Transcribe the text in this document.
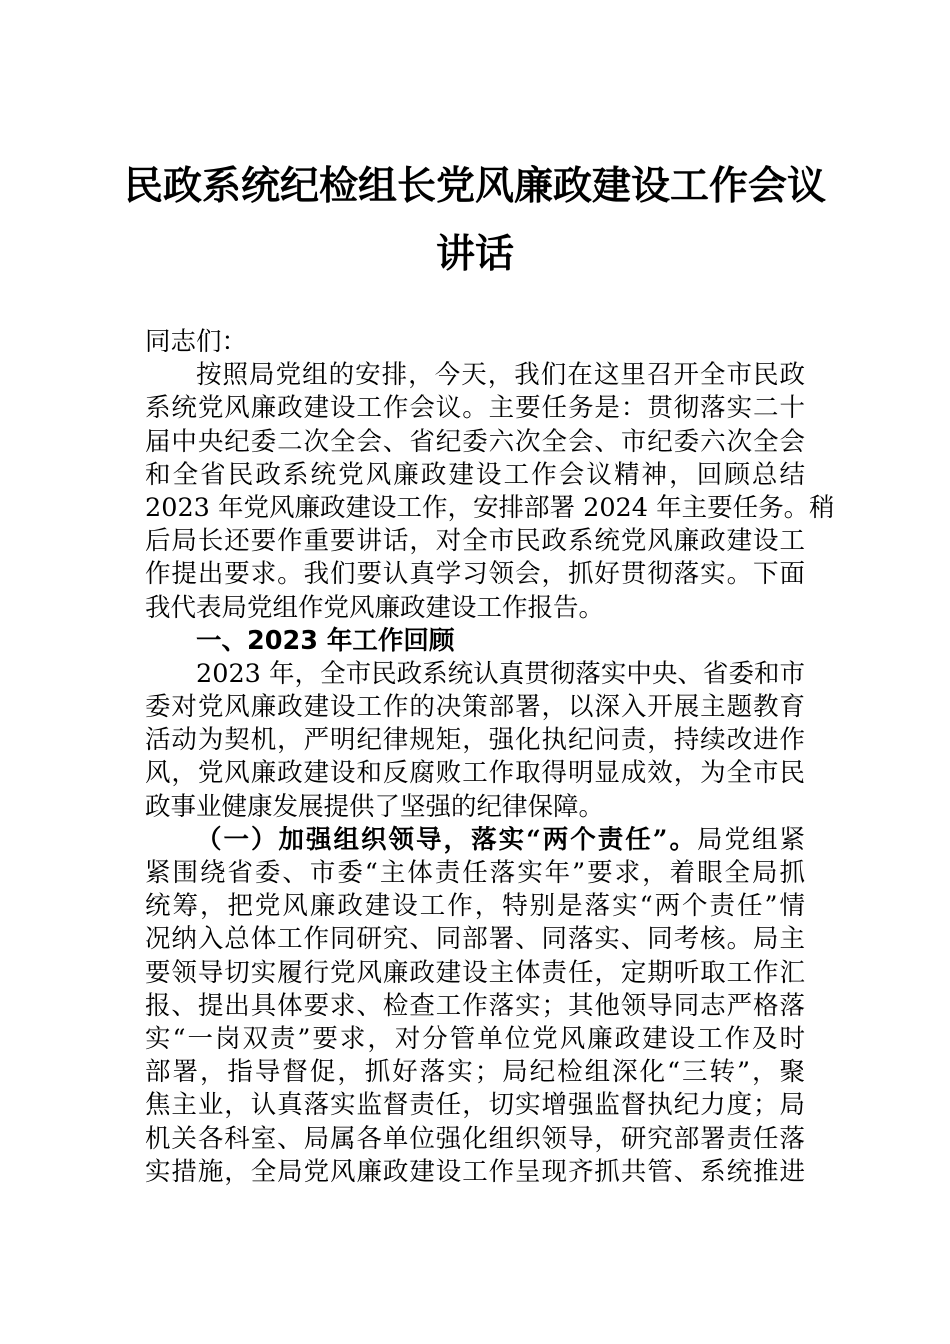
民政系统纪检组长党风廉政建设工作会议
讲话
同志们：
按照局党组的安排，今天，我们在这里召开全市民政
系统党风廉政建设工作会议。主要任务是：贯彻落实二十
届中央纪委二次全会、省纪委六次全会、市纪委六次全会
和全省民政系统党风廉政建设工作会议精神，回顾总结
2023 年党风廉政建设工作，安排部署 2024 年主要任务。稍
后局长还要作重要讲话，对全市民政系统党风廉政建设工
作提出要求。我们要认真学习领会，抓好贯彻落实。下面
我代表局党组作党风廉政建设工作报告。
一、2023 年工作回顾
2023 年，全市民政系统认真贯彻落实中央、省委和市
委对党风廉政建设工作的决策部署，以深入开展主题教育
活动为契机，严明纪律规矩，强化执纪问责，持续改进作
风，党风廉政建设和反腐败工作取得明显成效，为全市民
政事业健康发展提供了坚强的纪律保障。
（一）加强组织领导，落实“两个责任”。局党组紧
紧围绕省委、市委“主体责任落实年”要求，着眼全局抓
统筹，把党风廉政建设工作，特别是落实“两个责任”情
况纳入总体工作同研究、同部署、同落实、同考核。局主
要领导切实履行党风廉政建设主体责任，定期听取工作汇
报、提出具体要求、检查工作落实；其他领导同志严格落
实“一岗双责”要求，对分管单位党风廉政建设工作及时
部署，指导督促，抓好落实；局纪检组深化“三转”，聚
焦主业，认真落实监督责任，切实增强监督执纪力度；局
机关各科室、局属各单位强化组织领导，研究部署责任落
实措施，全局党风廉政建设工作呈现齐抓共管、系统推进
